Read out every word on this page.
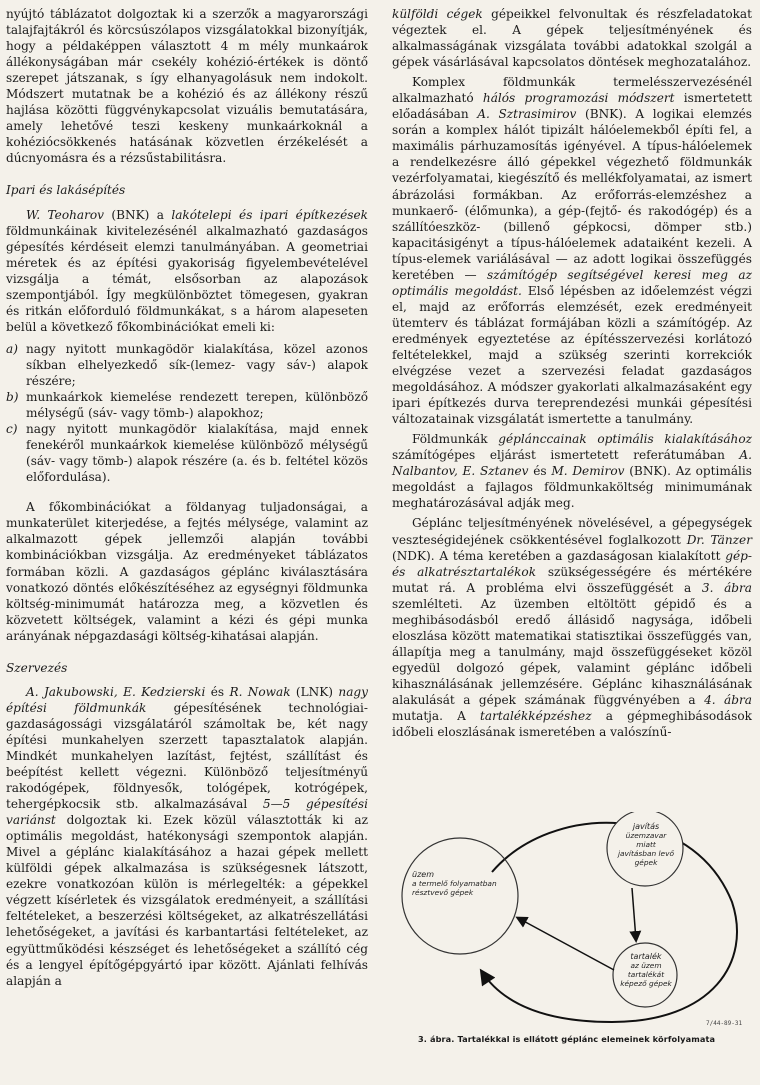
nyújtó táblázatot dolgoztak ki a szerzők a magyarországi talajfajtákról és körcsúszólapos vizsgálatokkal bizonyítják, hogy a példaképpen választott 4 m mély munkaárok állékonyságában már csekély kohézió-értékek is döntő szerepet játszanak, s így elhanyagolásuk nem indokolt. Módszert mutatnak be a kohézió és az állékony részű hajlása közötti függvénykapcsolat vizuális bemutatására, amely lehetővé teszi keskeny munkaárkoknál a kohéziócsökkenés hatásának közvetlen érzékelését a dúcnyomásra és a rézsűstabilitásra.

Ipari és lakásépítés

W. Teoharov (BNK) a lakótelepi és ipari építkezések földmunkáinak kivitelezésénél alkalmazható gazdaságos gépesítés kérdéseit elemzi tanulmányában. A geometriai méretek és az építési gyakoriság figyelembevételével vizsgálja a témát, elsősorban az alapozások szempontjából. Így megkülönböztet tömegesen, gyakran és ritkán előforduló földmunkákat, s a három alapeseten belül a következő főkombinációkat emeli ki:

a) nagy nyitott munkagödör kialakítása, közel azonos síkban elhelyezkedő sík-(lemez- vagy sáv-) alapok részére;
b) munkaárkok kiemelése rendezett terepen, különböző mélységű (sáv- vagy tömb-) alapokhoz;
c) nagy nyitott munkagödör kialakítása, majd ennek fenekéről munkaárkok kiemelése különböző mélységű (sáv- vagy tömb-) alapok részére (a. és b. feltétel közös előfordulása).

A főkombinációkat a földanyag tuljadonságai, a munkaterület kiterjedése, a fejtés mélysége, valamint az alkalmazott gépek jellemzői alapján további kombinációkban vizsgálja. Az eredményeket táblázatos formában közli. A gazdaságos géplánc kiválasztására vonatkozó döntés előkészítéséhez az egységnyi földmunka költség-minimumát határozza meg, a közvetlen és közvetett költségek, valamint a kézi és gépi munka arányának népgazdasági költség-kihatásai alapján.

Szervezés

A. Jakubowski, E. Kedzierski és R. Nowak (LNK) nagy építési földmunkák gépesítésének technológiai-gazdaságossági vizsgálatáról számoltak be, két nagy építési munkahelyen szerzett tapasztalatok alapján. Mindkét munkahelyen lazítást, fejtést, szállítást és beépítést kellett végezni. Különböző teljesítményű rakodógépek, földnyesők, tológépek, kotrógépek, tehergépkocsik stb. alkalmazásával 5—5 gépesítési variánst dolgoztak ki. Ezek közül választották ki az optimális megoldást, hatékonysági szempontok alapján. Mivel a géplánc kialakításához a hazai gépek mellett külföldi gépek alkalmazása is szükségesnek látszott, ezekre vonatkozóan külön is mérlegelték: a gépekkel végzett kísérletek és vizsgálatok eredményeit, a szállítási feltételeket, a beszerzési költségeket, az alkatrészellátási lehetőségeket, a javítási és karbantartási feltételeket, az együttműködési készséget és lehetőségeket a szállító cég és a lengyel építőgépgyártó ipar között. Ajánlati felhívás alapján a

külföldi cégek gépeikkel felvonultak és részfeladatokat végeztek el. A gépek teljesítményének és alkalmasságának vizsgálata további adatokkal szolgál a gépek vásárlásával kapcsolatos döntések meghozatalához.

Komplex földmunkák termelésszervezésénél alkalmazható hálós programozási módszert ismertetett előadásában A. Sztrasimirov (BNK). A logikai elemzés során a komplex hálót tipizált hálóelemekből építi fel, a maximális párhuzamosítás igényével. A típus-hálóelemek a rendelkezésre álló gépekkel végezhető földmunkák vezérfolyamatai, kiegészítő és mellékfolyamatai, az ismert ábrázolási formákban. Az erőforrás-elemzéshez a munkaerő- (élőmunka), a gép-(fejtő- és rakodógép) és a szállítóeszköz- (billenő gépkocsi, dömper stb.) kapacitásigényt a típus-hálóelemek adataiként kezeli. A típus-elemek variálásával — az adott logikai összefüggés keretében — számítógép segítségével keresi meg az optimális megoldást. Első lépésben az időelemzést végzi el, majd az erőforrás elemzését, ezek eredményeit ütemterv és táblázat formájában közli a számítógép. Az eredmények egyeztetése az építésszervezési korlátozó feltételekkel, majd a szükség szerinti korrekciók elvégzése vezet a szervezési feladat gazdaságos megoldásához. A módszer gyakorlati alkalmazásaként egy ipari építkezés durva tereprendezési munkái gépesítési változatainak vizsgálatát ismertette a tanulmány.

Földmunkák géplánccainak optimális kialakításához számítógépes eljárást ismertetett referátumában A. Nalbantov, E. Sztanev és M. Demirov (BNK). Az optimális megoldást a fajlagos földmunkaköltség minimumának meghatározásával adják meg.

Géplánc teljesítményének növelésével, a gépegységek veszteségidejének csökkentésével foglalkozott Dr. Tänzer (NDK). A téma keretében a gazdaságosan kialakított gép- és alkatrésztartalékok szükségességére és mértékére mutat rá. A probléma elvi összefüggését a 3. ábra szemlélteti. Az üzemben eltöltött gépidő és a meghibásodásból eredő állásidő nagysága, időbeli eloszlása között matematikai statisztikai összefüggés van, állapítja meg a tanulmány, majd összefüggéseket közöl egyedül dolgozó gépek, valamint géplánc időbeli kihasználásának jellemzésére. Géplánc kihasználásának alakulását a gépek számának függvényében a 4. ábra mutatja. A tartalékképzéshez a gépmeghibásodások időbeli eloszlásának ismeretében a valószínű-

üzem
a termelő folyamatban résztvevő gépek
javítás
üzemzavar miatt javításban levő gépek
tartalék
az üzem tartalékát képező gépek
7/44-89-31
3. ábra. Tartalékkal is ellátott géplánc elemeinek körfolyamata
